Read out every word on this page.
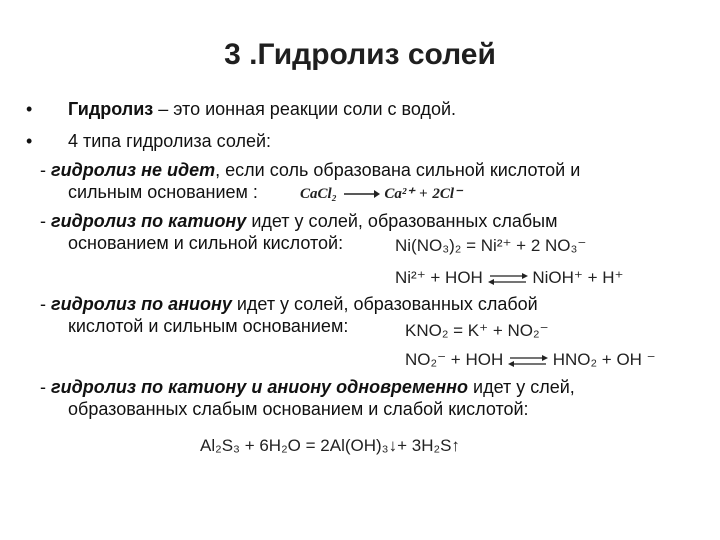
3 .Гидролиз солей
• Гидролиз – это ионная реакции соли с водой.
• 4 типа гидролиза солей:
- гидролиз не идет, если соль образована сильной кислотой и
сильным основанием :	CaCl₂	Ca²⁺ + 2Cl⁻
- гидролиз по катиону идет у солей, образованных слабым
основанием и сильной кислотой:	Ni(NO₃)₂ = Ni²⁺ + 2 NO₃⁻
Ni²⁺ + HOH ⇌ NiOH⁺ + H⁺
- гидролиз по аниону идет у солей, образованных слабой
кислотой и сильным основанием:	KNO₂ = K⁺ + NO₂⁻
NO₂⁻ + HOH ⇌ HNO₂ + OH ⁻
- гидролиз по катиону и аниону одновременно идет у слей,
образованных слабым основанием и слабой кислотой:
Al₂S₃ + 6H₂O = 2Al(OH)₃↓+ 3H₂S↑
